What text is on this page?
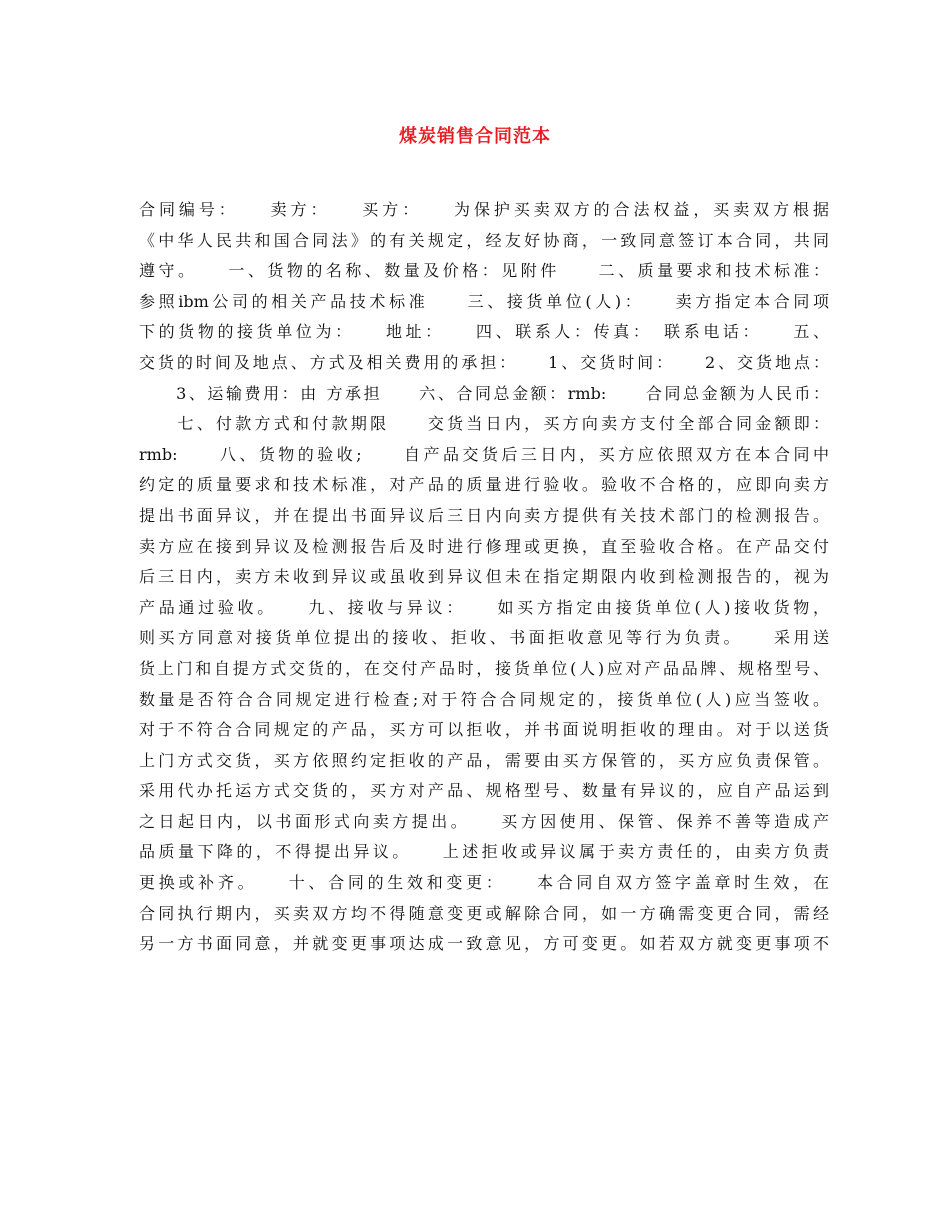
煤炭销售合同范本
合同编号：　　卖方：　　买方：　　为保护买卖双方的合法权益，买卖双方根据
《中华人民共和国合同法》的有关规定，经友好协商，一致同意签订本合同，共同
遵守。　　一、货物的名称、数量及价格：见附件　　二、质量要求和技术标准：
参照ibm公司的相关产品技术标准　　三、接货单位(人)：　　卖方指定本合同项
下的货物的接货单位为：　　地址：　　四、联系人：传真：　联系电话：　　五、
交货的时间及地点、方式及相关费用的承担：　　1、交货时间：　　2、交货地点：
　　3、运输费用：由 方承担　　六、合同总金额：rmb:　　合同总金额为人民币：
　　七、付款方式和付款期限　　交货当日内，买方向卖方支付全部合同金额即：
rmb:　　八、货物的验收;　　自产品交货后三日内，买方应依照双方在本合同中
约定的质量要求和技术标准，对产品的质量进行验收。验收不合格的，应即向卖方
提出书面异议，并在提出书面异议后三日内向卖方提供有关技术部门的检测报告。
卖方应在接到异议及检测报告后及时进行修理或更换，直至验收合格。在产品交付
后三日内，卖方未收到异议或虽收到异议但未在指定期限内收到检测报告的，视为
产品通过验收。　　九、接收与异议：　　如买方指定由接货单位(人)接收货物，
则买方同意对接货单位提出的接收、拒收、书面拒收意见等行为负责。　　采用送
货上门和自提方式交货的，在交付产品时，接货单位(人)应对产品品牌、规格型号、
数量是否符合合同规定进行检查;对于符合合同规定的，接货单位(人)应当签收。
对于不符合合同规定的产品，买方可以拒收，并书面说明拒收的理由。对于以送货
上门方式交货，买方依照约定拒收的产品，需要由买方保管的，买方应负责保管。
采用代办托运方式交货的，买方对产品、规格型号、数量有异议的，应自产品运到
之日起日内，以书面形式向卖方提出。　　买方因使用、保管、保养不善等造成产
品质量下降的，不得提出异议。　　上述拒收或异议属于卖方责任的，由卖方负责
更换或补齐。　　十、合同的生效和变更：　　本合同自双方签字盖章时生效，在
合同执行期内，买卖双方均不得随意变更或解除合同，如一方确需变更合同，需经
另一方书面同意，并就变更事项达成一致意见，方可变更。如若双方就变更事项不
